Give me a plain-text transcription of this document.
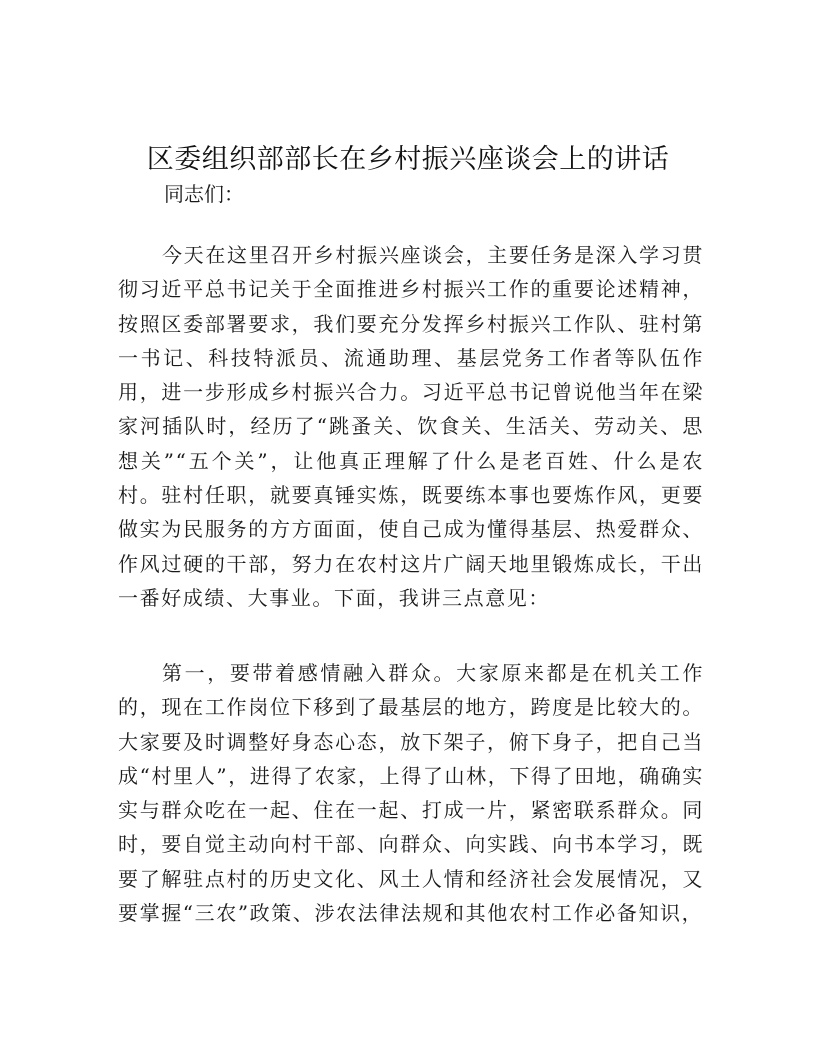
区委组织部部长在乡村振兴座谈会上的讲话

同志们：

今天在这里召开乡村振兴座谈会，主要任务是深入学习贯彻习近平总书记关于全面推进乡村振兴工作的重要论述精神，按照区委部署要求，我们要充分发挥乡村振兴工作队、驻村第一书记、科技特派员、流通助理、基层党务工作者等队伍作用，进一步形成乡村振兴合力。习近平总书记曾说他当年在梁家河插队时，经历了“跳蚤关、饮食关、生活关、劳动关、思想关”“五个关”，让他真正理解了什么是老百姓、什么是农村。驻村任职，就要真锤实炼，既要练本事也要炼作风，更要做实为民服务的方方面面，使自己成为懂得基层、热爱群众、作风过硬的干部，努力在农村这片广阔天地里锻炼成长，干出一番好成绩、大事业。下面，我讲三点意见：

第一，要带着感情融入群众。大家原来都是在机关工作的，现在工作岗位下移到了最基层的地方，跨度是比较大的。大家要及时调整好身态心态，放下架子，俯下身子，把自己当成“村里人”，进得了农家，上得了山林，下得了田地，确确实实与群众吃在一起、住在一起、打成一片，紧密联系群众。同时，要自觉主动向村干部、向群众、向实践、向书本学习，既要了解驻点村的历史文化、风土人情和经济社会发展情况，又要掌握“三农”政策、涉农法律法规和其他农村工作必备知识，
